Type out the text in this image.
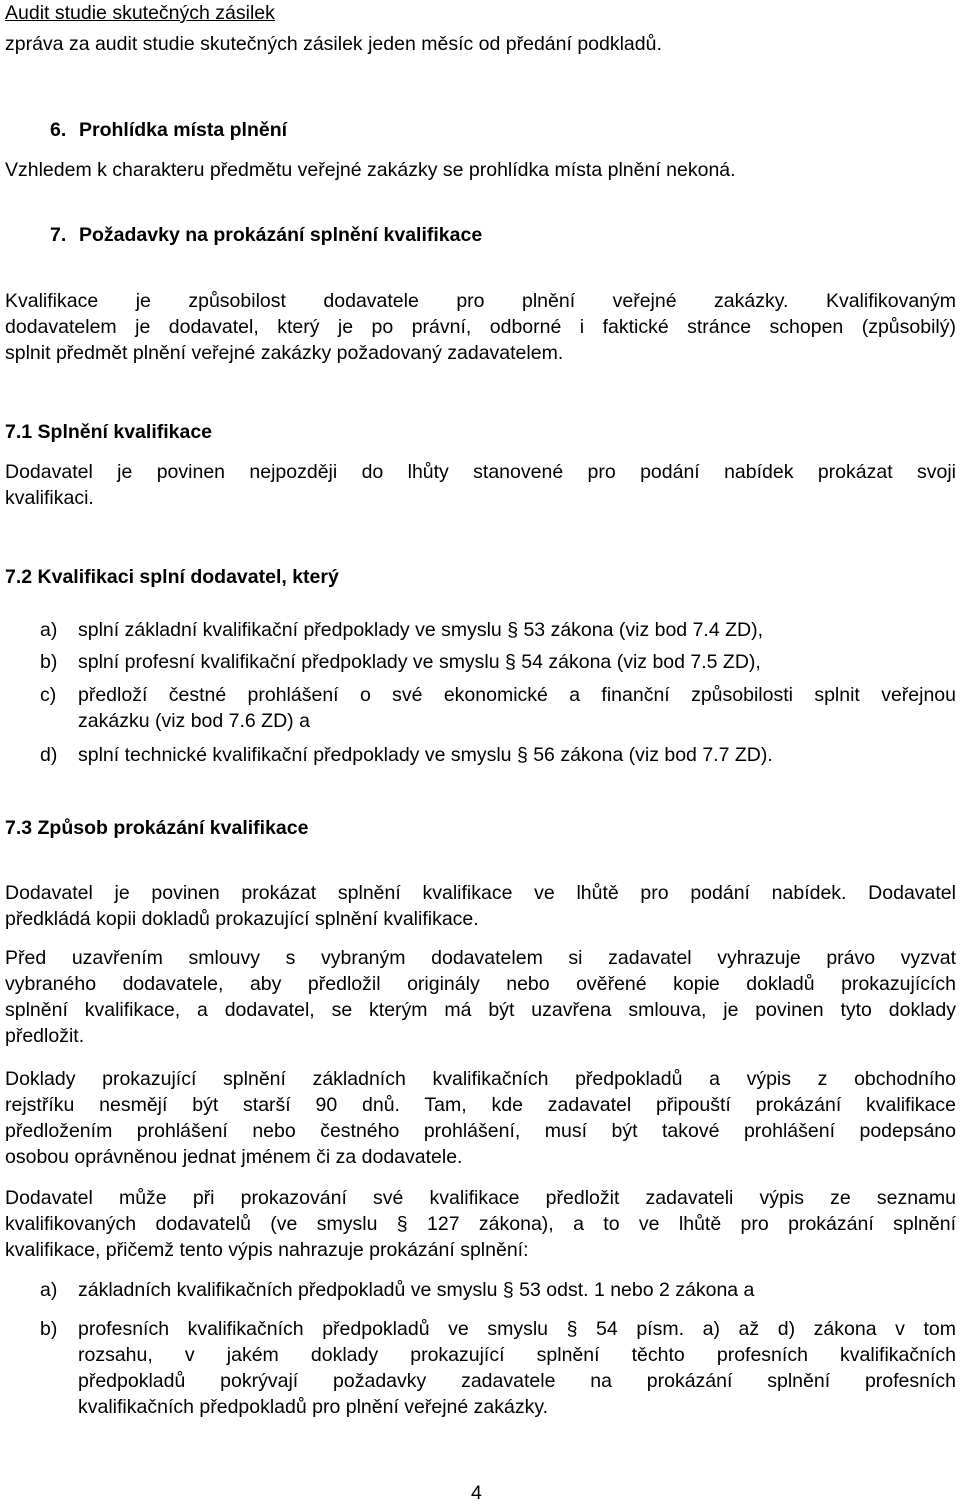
Audit studie skutečných zásilek
zpráva za audit studie skutečných zásilek jeden měsíc od předání podkladů.
6. Prohlídka místa plnění
Vzhledem k charakteru předmětu veřejné zakázky se prohlídka místa plnění nekoná.
7. Požadavky na prokázání splnění kvalifikace
Kvalifikace je způsobilost dodavatele pro plnění veřejné zakázky. Kvalifikovaným
dodavatelem je dodavatel, který je po právní, odborné i faktické stránce schopen (způsobilý)
splnit předmět plnění veřejné zakázky požadovaný zadavatelem.
7.1 Splnění kvalifikace
Dodavatel je povinen nejpozději do lhůty stanovené pro podání nabídek prokázat svoji
kvalifikaci.
7.2 Kvalifikaci splní dodavatel, který
a) splní základní kvalifikační předpoklady ve smyslu § 53 zákona (viz bod 7.4 ZD),
b) splní profesní kvalifikační předpoklady ve smyslu § 54 zákona (viz bod 7.5 ZD),
c) předloží čestné prohlášení o své ekonomické a finanční způsobilosti splnit veřejnou
zakázku (viz bod 7.6 ZD) a
d) splní technické kvalifikační předpoklady ve smyslu § 56 zákona (viz bod 7.7 ZD).
7.3 Způsob prokázání kvalifikace
Dodavatel je povinen prokázat splnění kvalifikace ve lhůtě pro podání nabídek. Dodavatel
předkládá kopii dokladů prokazující splnění kvalifikace.
Před uzavřením smlouvy s vybraným dodavatelem si zadavatel vyhrazuje právo vyzvat
vybraného dodavatele, aby předložil originály nebo ověřené kopie dokladů prokazujících
splnění kvalifikace, a dodavatel, se kterým má být uzavřena smlouva, je povinen tyto doklady
předložit.
Doklady prokazující splnění základních kvalifikačních předpokladů a výpis z obchodního
rejstříku nesmějí být starší 90 dnů. Tam, kde zadavatel připouští prokázání kvalifikace
předložením prohlášení nebo čestného prohlášení, musí být takové prohlášení podepsáno
osobou oprávněnou jednat jménem či za dodavatele.
Dodavatel může při prokazování své kvalifikace předložit zadavateli výpis ze seznamu
kvalifikovaných dodavatelů (ve smyslu § 127 zákona), a to ve lhůtě pro prokázání splnění
kvalifikace, přičemž tento výpis nahrazuje prokázání splnění:
a) základních kvalifikačních předpokladů ve smyslu § 53 odst. 1 nebo 2 zákona a
b) profesních kvalifikačních předpokladů ve smyslu § 54 písm. a) až d) zákona v tom
rozsahu, v jakém doklady prokazující splnění těchto profesních kvalifikačních
předpokladů pokrývají požadavky zadavatele na prokázání splnění profesních
kvalifikačních předpokladů pro plnění veřejné zakázky.
4
